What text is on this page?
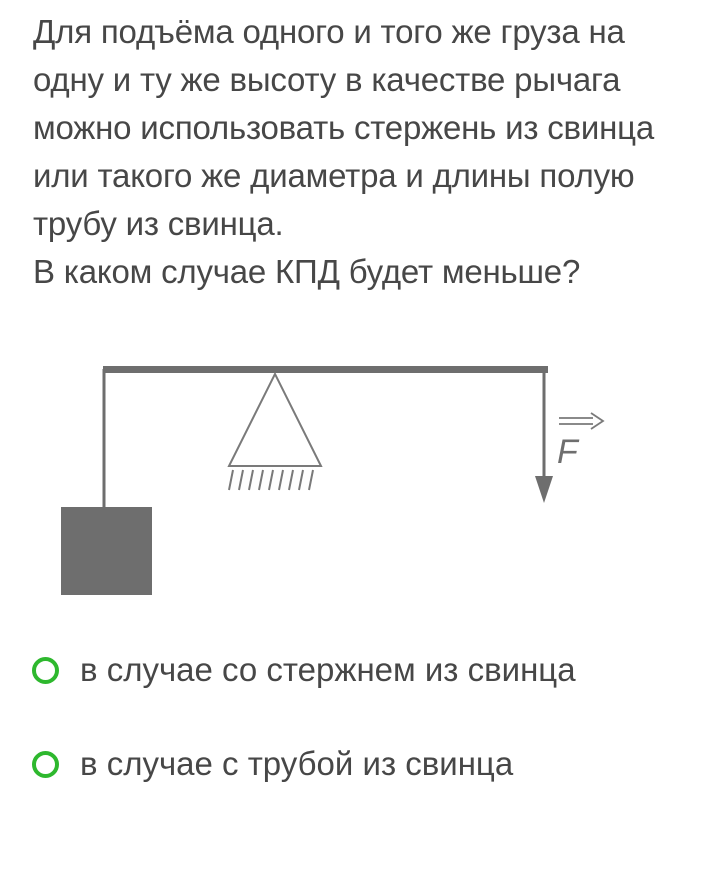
Для подъёма одного и того же груза на одну и ту же высоту в качестве рычага можно использовать стержень из свинца или такого же диаметра и длины полую трубу из свинца.

В каком случае КПД будет меньше?

F
в случае со стержнем из свинца
в случае с трубой из свинца
